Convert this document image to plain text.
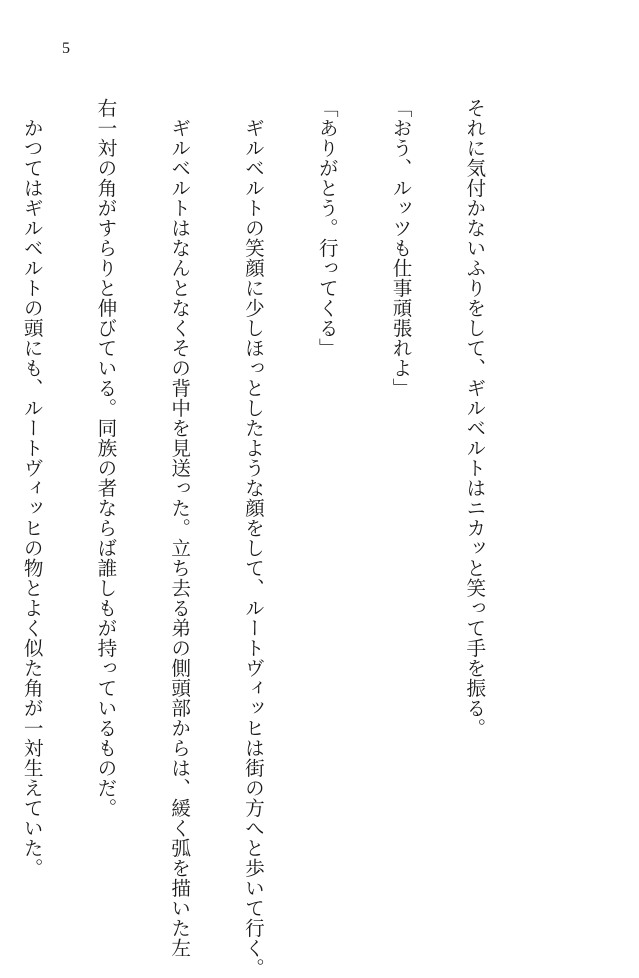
5

それに気付かないふりをして、ギルベルトはニカッと笑って手を振る。

「おう、ルッツも仕事頑張れよ」

「ありがとう。行ってくる」

　ギルベルトの笑顔に少しほっとしたような顔をして、ルートヴィッヒは街の方へと歩いて行く。

　ギルベルトはなんとなくその背中を見送った。立ち去る弟の側頭部からは、緩く弧を描いた左

右一対の角がすらりと伸びている。同族の者ならば誰しもが持っているものだ。

　かつてはギルベルトの頭にも、ルートヴィッヒの物とよく似た角が一対生えていた。
